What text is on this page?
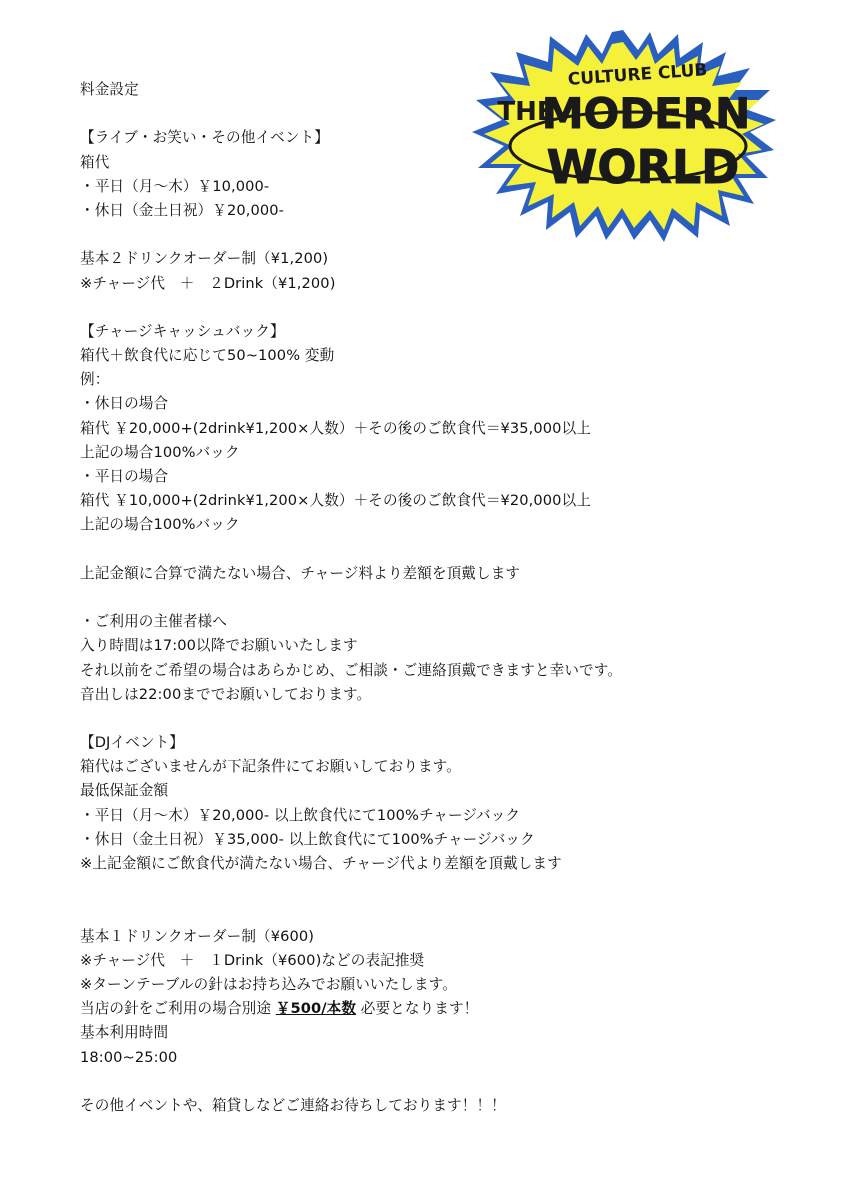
CULTURE CLUB
THE
MODERN
WORLD
料金設定
【ライブ・お笑い・その他イベント】
箱代
・平日（月〜木）￥10,000-
・休日（金土日祝）￥20,000-
基本２ドリンクオーダー制（¥1,200)
※チャージ代　＋　２Drink（¥1,200)
【チャージキャッシュバック】
箱代＋飲食代に応じて50~100% 変動
例：
・休日の場合
箱代 ￥20,000+(2drink¥1,200×人数）＋その後のご飲食代＝¥35,000以上
上記の場合100%バック
・平日の場合
箱代 ￥10,000+(2drink¥1,200×人数）＋その後のご飲食代＝¥20,000以上
上記の場合100%バック
上記金額に合算で満たない場合、チャージ料より差額を頂戴します
・ご利用の主催者様へ
入り時間は17:00以降でお願いいたします
それ以前をご希望の場合はあらかじめ、ご相談・ご連絡頂戴できますと幸いです。
音出しは22:00まででお願いしております。
【DJイベント】
箱代はございませんが下記条件にてお願いしております。
最低保証金額
・平日（月〜木）￥20,000- 以上飲食代にて100%チャージバック
・休日（金土日祝）￥35,000- 以上飲食代にて100%チャージバック
※上記金額にご飲食代が満たない場合、チャージ代より差額を頂戴します
基本１ドリンクオーダー制（¥600)
※チャージ代　＋　１Drink（¥600)などの表記推奨
※ターンテーブルの針はお持ち込みでお願いいたします。
当店の針をご利用の場合別途 ￥500/本数 必要となります！
基本利用時間
18:00~25:00
その他イベントや、箱貸しなどご連絡お待ちしております！！！
